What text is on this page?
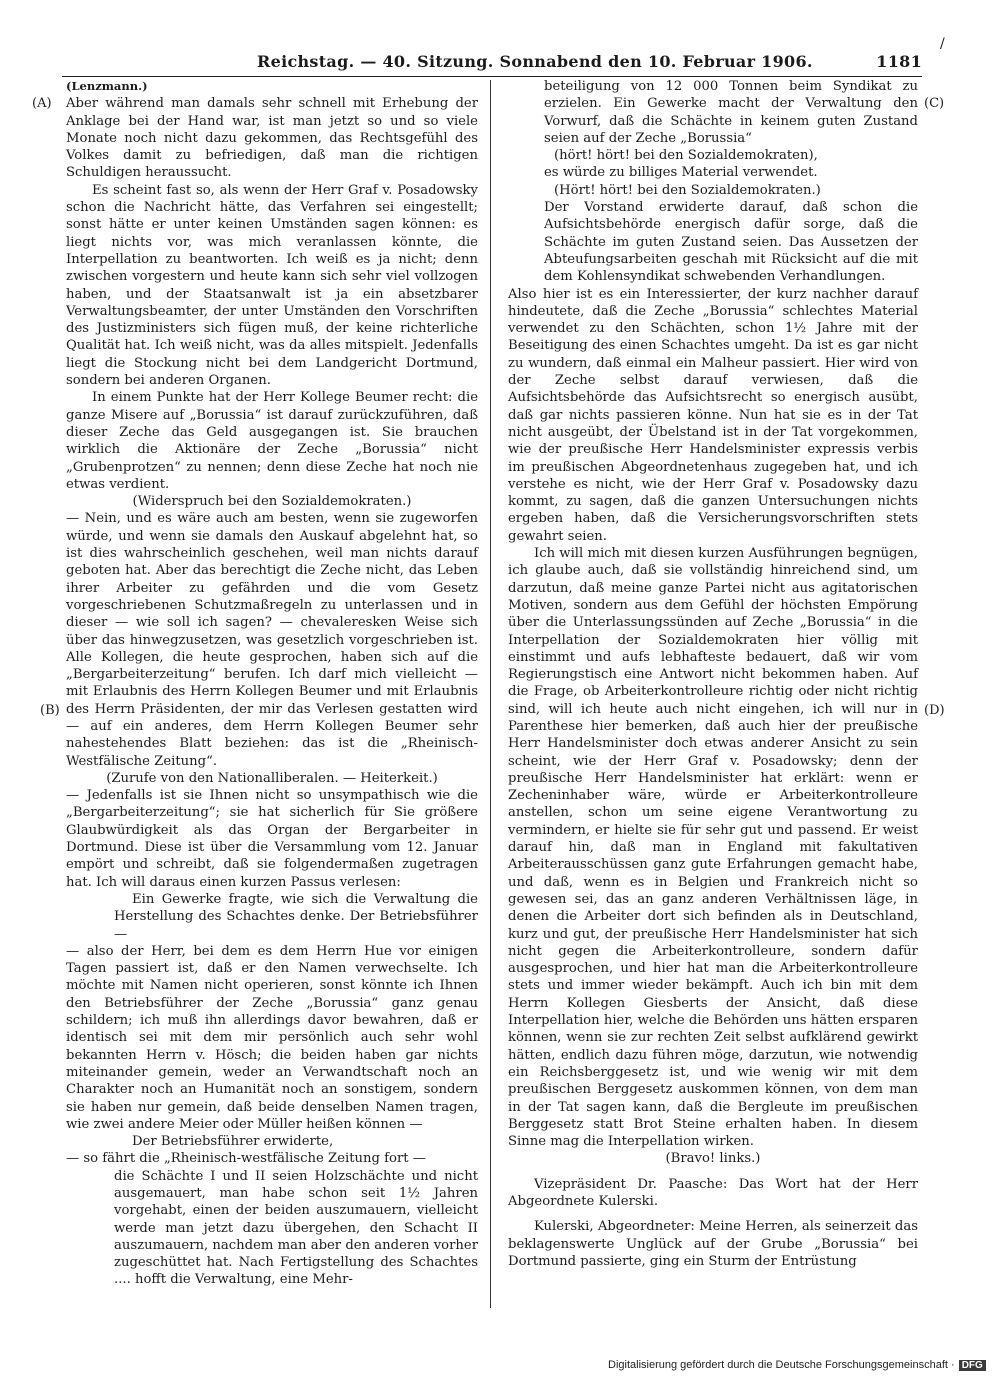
/
Reichstag. — 40. Sitzung. Sonnabend den 10. Februar 1906.	1181
(A)
(B)
(C)
(D)

(Lenzmann.)

Aber während man damals sehr schnell mit Erhebung der Anklage bei der Hand war, ist man jetzt so und so viele Monate noch nicht dazu gekommen, das Rechtsgefühl des Volkes damit zu befriedigen, daß man die richtigen Schuldigen heraussucht.

Es scheint fast so, als wenn der Herr Graf v. Posadowsky schon die Nachricht hätte, das Verfahren sei eingestellt; sonst hätte er unter keinen Umständen sagen können: es liegt nichts vor, was mich veranlassen könnte, die Interpellation zu beantworten. Ich weiß es ja nicht; denn zwischen vorgestern und heute kann sich sehr viel vollzogen haben, und der Staatsanwalt ist ja ein absetzbarer Verwaltungsbeamter, der unter Umständen den Vorschriften des Justizministers sich fügen muß, der keine richterliche Qualität hat. Ich weiß nicht, was da alles mitspielt. Jedenfalls liegt die Stockung nicht bei dem Landgericht Dortmund, sondern bei anderen Organen.

In einem Punkte hat der Herr Kollege Beumer recht: die ganze Misere auf „Borussia“ ist darauf zurückzuführen, daß dieser Zeche das Geld ausgegangen ist. Sie brauchen wirklich die Aktionäre der Zeche „Borussia“ nicht „Grubenprotzen“ zu nennen; denn diese Zeche hat noch nie etwas verdient.

(Widerspruch bei den Sozialdemokraten.)

— Nein, und es wäre auch am besten, wenn sie zugeworfen würde, und wenn sie damals den Auskauf abgelehnt hat, so ist dies wahrscheinlich geschehen, weil man nichts darauf geboten hat. Aber das berechtigt die Zeche nicht, das Leben ihrer Arbeiter zu gefährden und die vom Gesetz vorgeschriebenen Schutzmaßregeln zu unterlassen und in dieser — wie soll ich sagen? — chevaleresken Weise sich über das hinwegzusetzen, was gesetzlich vorgeschrieben ist. Alle Kollegen, die heute gesprochen, haben sich auf die „Bergarbeiterzeitung“ berufen. Ich darf mich vielleicht — mit Erlaubnis des Herrn Kollegen Beumer und mit Erlaubnis des Herrn Präsidenten, der mir das Verlesen gestatten wird — auf ein anderes, dem Herrn Kollegen Beumer sehr nahestehendes Blatt beziehen: das ist die „Rheinisch-Westfälische Zeitung“.

(Zurufe von den Nationalliberalen. — Heiterkeit.)

— Jedenfalls ist sie Ihnen nicht so unsympathisch wie die „Bergarbeiterzeitung“; sie hat sicherlich für Sie größere Glaubwürdigkeit als das Organ der Bergarbeiter in Dortmund. Diese ist über die Versammlung vom 12. Januar empört und schreibt, daß sie folgendermaßen zugetragen hat. Ich will daraus einen kurzen Passus verlesen:

Ein Gewerke fragte, wie sich die Verwaltung die Herstellung des Schachtes denke. Der Betriebsführer —

— also der Herr, bei dem es dem Herrn Hue vor einigen Tagen passiert ist, daß er den Namen verwechselte. Ich möchte mit Namen nicht operieren, sonst könnte ich Ihnen den Betriebsführer der Zeche „Borussia“ ganz genau schildern; ich muß ihn allerdings davor bewahren, daß er identisch sei mit dem mir persönlich auch sehr wohl bekannten Herrn v. Hösch; die beiden haben gar nichts miteinander gemein, weder an Verwandtschaft noch an Charakter noch an Humanität noch an sonstigem, sondern sie haben nur gemein, daß beide denselben Namen tragen, wie zwei andere Meier oder Müller heißen können —

Der Betriebsführer erwiderte,

— so fährt die „Rheinisch-westfälische Zeitung fort —

die Schächte I und II seien Holzschächte und nicht ausgemauert, man habe schon seit 1½ Jahren vorgehabt, einen der beiden auszumauern, vielleicht werde man jetzt dazu übergehen, den Schacht II auszumauern, nachdem man aber den anderen vorher zugeschüttet hat. Nach Fertigstellung des Schachtes .... hofft die Verwaltung, eine Mehr-

beteiligung von 12 000 Tonnen beim Syndikat zu erzielen. Ein Gewerke macht der Verwaltung den Vorwurf, daß die Schächte in keinem guten Zustand seien auf der Zeche „Borussia“

(hört! hört! bei den Sozialdemokraten),

es würde zu billiges Material verwendet.

(Hört! hört! bei den Sozialdemokraten.)

Der Vorstand erwiderte darauf, daß schon die Aufsichtsbehörde energisch dafür sorge, daß die Schächte im guten Zustand seien. Das Aussetzen der Abteufungsarbeiten geschah mit Rücksicht auf die mit dem Kohlensyndikat schwebenden Verhandlungen.

Also hier ist es ein Interessierter, der kurz nachher darauf hindeutete, daß die Zeche „Borussia“ schlechtes Material verwendet zu den Schächten, schon 1½ Jahre mit der Beseitigung des einen Schachtes umgeht. Da ist es gar nicht zu wundern, daß einmal ein Malheur passiert. Hier wird von der Zeche selbst darauf verwiesen, daß die Aufsichtsbehörde das Aufsichtsrecht so energisch ausübt, daß gar nichts passieren könne. Nun hat sie es in der Tat nicht ausgeübt, der Übelstand ist in der Tat vorgekommen, wie der preußische Herr Handelsminister expressis verbis im preußischen Abgeordnetenhaus zugegeben hat, und ich verstehe es nicht, wie der Herr Graf v. Posadowsky dazu kommt, zu sagen, daß die ganzen Untersuchungen nichts ergeben haben, daß die Versicherungsvorschriften stets gewahrt seien.

Ich will mich mit diesen kurzen Ausführungen begnügen, ich glaube auch, daß sie vollständig hinreichend sind, um darzutun, daß meine ganze Partei nicht aus agitatorischen Motiven, sondern aus dem Gefühl der höchsten Empörung über die Unterlassungssünden auf Zeche „Borussia“ in die Interpellation der Sozialdemokraten hier völlig mit einstimmt und aufs lebhafteste bedauert, daß wir vom Regierungstisch eine Antwort nicht bekommen haben. Auf die Frage, ob Arbeiterkontrolleure richtig oder nicht richtig sind, will ich heute auch nicht eingehen, ich will nur in Parenthese hier bemerken, daß auch hier der preußische Herr Handelsminister doch etwas anderer Ansicht zu sein scheint, wie der Herr Graf v. Posadowsky; denn der preußische Herr Handelsminister hat erklärt: wenn er Zecheninhaber wäre, würde er Arbeiterkontrolleure anstellen, schon um seine eigene Verantwortung zu vermindern, er hielte sie für sehr gut und passend. Er weist darauf hin, daß man in England mit fakultativen Arbeiterausschüssen ganz gute Erfahrungen gemacht habe, und daß, wenn es in Belgien und Frankreich nicht so gewesen sei, das an ganz anderen Verhältnissen läge, in denen die Arbeiter dort sich befinden als in Deutschland, kurz und gut, der preußische Herr Handelsminister hat sich nicht gegen die Arbeiterkontrolleure, sondern dafür ausgesprochen, und hier hat man die Arbeiterkontrolleure stets und immer wieder bekämpft. Auch ich bin mit dem Herrn Kollegen Giesberts der Ansicht, daß diese Interpellation hier, welche die Behörden uns hätten ersparen können, wenn sie zur rechten Zeit selbst aufklärend gewirkt hätten, endlich dazu führen möge, darzutun, wie notwendig ein Reichsberggesetz ist, und wie wenig wir mit dem preußischen Berggesetz auskommen können, von dem man in der Tat sagen kann, daß die Bergleute im preußischen Berggesetz statt Brot Steine erhalten haben. In diesem Sinne mag die Interpellation wirken.

(Bravo! links.)

Vizepräsident Dr. Paasche: Das Wort hat der Herr Abgeordnete Kulerski.

Kulerski, Abgeordneter: Meine Herren, als seinerzeit das beklagenswerte Unglück auf der Grube „Borussia“ bei Dortmund passierte, ging ein Sturm der Entrüstung

Digitalisierung gefördert durch die Deutsche Forschungsgemeinschaft · DFG
